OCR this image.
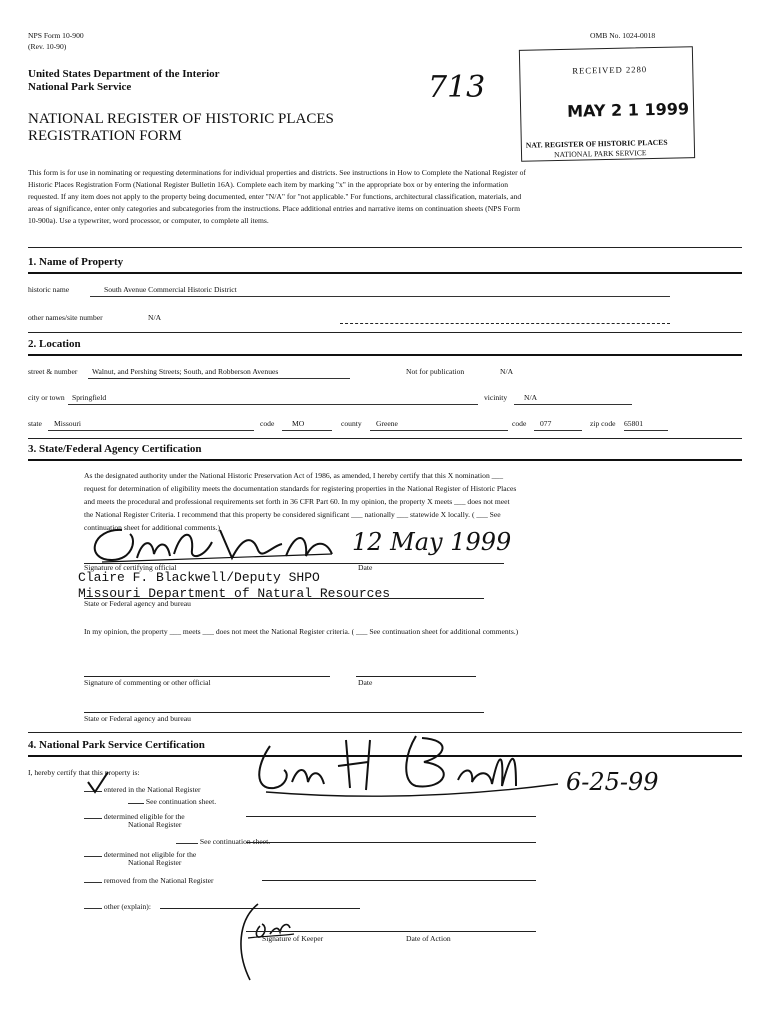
NPS Form 10-900
(Rev. 10-90)
OMB No. 1024-0018
United States Department of the Interior
National Park Service	713
NATIONAL REGISTER OF HISTORIC PLACES
REGISTRATION FORM
RECEIVED 2280
MAY 2 1 1999
NAT. REGISTER OF HISTORIC PLACES
NATIONAL PARK SERVICE
This form is for use in nominating or requesting determinations for individual properties and districts. See instructions in How to Complete the National Register of
Historic Places Registration Form (National Register Bulletin 16A). Complete each item by marking "x" in the appropriate box or by entering the information
requested. If any item does not apply to the property being documented, enter "N/A" for "not applicable." For functions, architectural classification, materials, and
areas of significance, enter only categories and subcategories from the instructions. Place additional entries and narrative items on continuation sheets (NPS Form
10-900a). Use a typewriter, word processor, or computer, to complete all items.
1. Name of Property
historic name	South Avenue Commercial Historic District
other names/site number	N/A
2. Location
street & number	Walnut, and Pershing Streets; South, and Robberson Avenues	Not for publication	N/A
city or town Springfield	vicinity	N/A
state	Missouri	code	MO	county	Greene	code	077	zip code 65801
3. State/Federal Agency Certification
As the designated authority under the National Historic Preservation Act of 1986, as amended, I hereby certify that this X nomination ___
request for determination of eligibility meets the documentation standards for registering properties in the National Register of Historic Places
and meets the procedural and professional requirements set forth in 36 CFR Part 60. In my opinion, the property X meets ___ does not meet
the National Register Criteria. I recommend that this property be considered significant ___ nationally ___ statewide X locally. ( ___ See
continuation sheet for additional comments.)
12 May 1999
Signature of certifying official	Date
Claire F. Blackwell/Deputy SHPO
Missouri Department of Natural Resources
State or Federal agency and bureau
In my opinion, the property ___ meets ___ does not meet the National Register criteria. ( ___ See continuation sheet for additional comments.)
Signature of commenting or other official	Date
State or Federal agency and bureau
4. National Park Service Certification
I, hereby certify that this property is:
entered in the National Register
See continuation sheet.
determined eligible for the
National Register
See continuation sheet.
determined not eligible for the
National Register
removed from the National Register
other (explain):
6-25-99
Signature of Keeper	Date of Action
